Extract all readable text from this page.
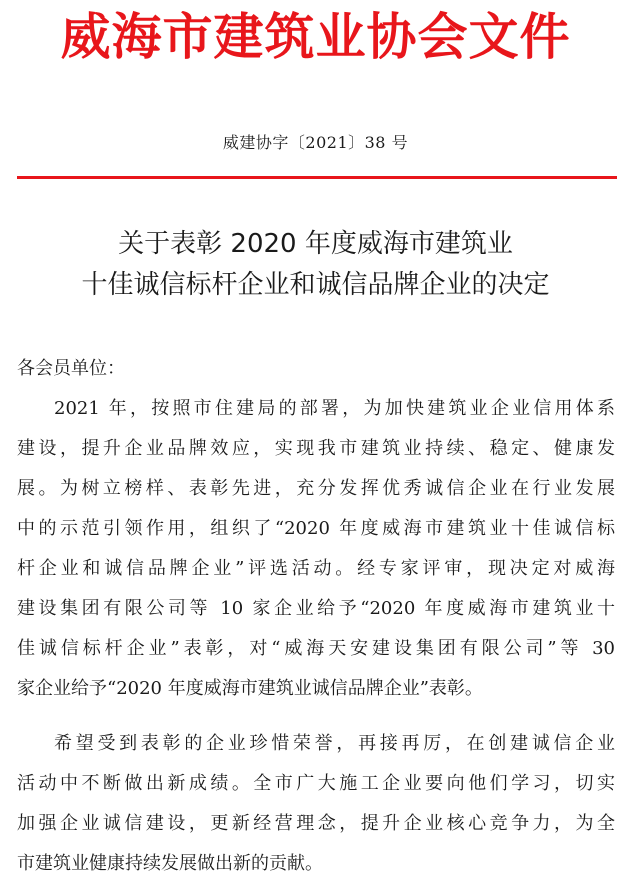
威海市建筑业协会文件
威建协字〔2021〕38 号
关于表彰 2020 年度威海市建筑业
十佳诚信标杆企业和诚信品牌企业的决定
各会员单位：
2021 年，按照市住建局的部署，为加快建筑业企业信用体系
建设，提升企业品牌效应，实现我市建筑业持续、稳定、健康发
展。为树立榜样、表彰先进，充分发挥优秀诚信企业在行业发展
中的示范引领作用，组织了“2020 年度威海市建筑业十佳诚信标
杆企业和诚信品牌企业”评选活动。经专家评审，现决定对威海
建设集团有限公司等 10 家企业给予“2020 年度威海市建筑业十
佳诚信标杆企业”表彰，对“威海天安建设集团有限公司”等 30
家企业给予“2020 年度威海市建筑业诚信品牌企业”表彰。
希望受到表彰的企业珍惜荣誉，再接再厉，在创建诚信企业
活动中不断做出新成绩。全市广大施工企业要向他们学习，切实
加强企业诚信建设，更新经营理念，提升企业核心竞争力，为全
市建筑业健康持续发展做出新的贡献。
